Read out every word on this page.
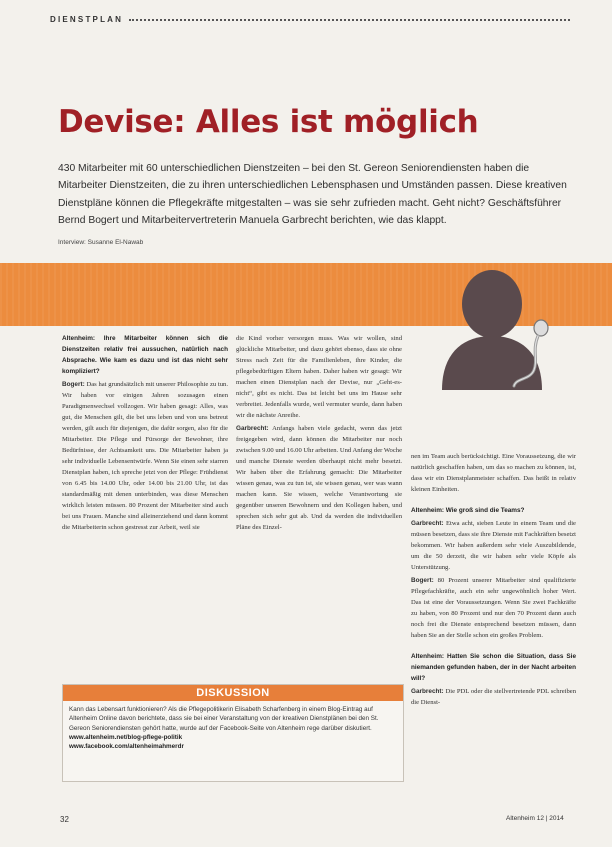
DIENSTPLAN
Devise: Alles ist möglich
430 Mitarbeiter mit 60 unterschiedlichen Dienstzeiten – bei den St. Gereon Seniorendiensten haben die Mitarbeiter Dienstzeiten, die zu ihren unterschiedlichen Lebensphasen und Umständen passen. Diese kreativen Dienstpläne können die Pflegekräfte mitgestalten – was sie sehr zufrieden macht. Geht nicht? Geschäftsführer Bernd Bogert und Mitarbeitervertreterin Manuela Garbrecht berichten, wie das klappt.
Interview: Susanne El-Nawab

Altenheim: Ihre Mitarbeiter können sich die Dienstzeiten relativ frei aussuchen, natürlich nach Absprache. Wie kam es dazu und ist das nicht sehr kompliziert?

Bogert: Das hat grundsätzlich mit unserer Philosophie zu tun. Wir haben vor einigen Jahren sozusagen einen Paradigmenwechsel vollzogen. Wir haben gesagt: Alles, was gut, die Menschen gilt, die bei uns leben und von uns betreut werden, gilt auch für diejenigen, die dafür sorgen, also für die Mitarbeiter. Die Pflege und Fürsorge der Bewohner, ihre Bedürfnisse, der Achtsamkeit uns. Die Mitarbeiter haben ja sehr individuelle Lebensentwürfe. Wenn Sie einen sehr starren Dienstplan haben, ich spreche jetzt von der Pflege: Frühdienst von 6.45 bis 14.00 Uhr, oder 14.00 bis 21.00 Uhr, ist das standardmäßig mit denen unterbinden, was diese Menschen wirklich leisten müssen. 80 Prozent der Mitarbeiter sind auch bei uns Frauen. Manche sind alleinerziehend und dann kommt die Mitarbeiterin schon gestresst zur Arbeit, weil sie

die Kind vorher versorgen muss. Was wir wollen, sind glückliche Mitarbeiter, und dazu gehört ebenso, dass sie ohne Stress nach Zeit für die Familienleben, ihre Kinder, die pflegebedürftigen Eltern haben. Daher haben wir gesagt: Wir machen einen Dienstplan nach der Devise, nur „Geht-es-nicht“, gibt es nicht. Das ist leicht bei uns im Hause sehr verbreitet. Jedenfalls wurde, weil vermuter wurde, dann haben wir die nächste Anreihe.

Garbrecht: Anfangs haben viele gedacht, wenn das jetzt freigegeben wird, dann können die Mitarbeiter nur noch zwischen 9.00 und 16.00 Uhr arbeiten. Und Anfang der Woche und manche Dienste werden überhaupt nicht mehr besetzt. Wir haben über die Erfahrung gemacht: Die Mitarbeiter wissen genau, was zu tun ist, sie wissen genau, wer was wann machen kann. Sie wissen, welche Verantwortung sie gegenüber unseren Bewohnern und den Kollegen haben, und sprechen sich sehr gut ab. Und da werden die individuellen Pläne des Einzel-

nen im Team auch berücksichtigt. Eine Voraussetzung, die wir natürlich geschaffen haben, um das so machen zu können, ist, dass wir ein Dienstplanmeister schaffen. Das heißt in relativ kleinen Einheiten.

Altenheim: Wie groß sind die Teams?

Garbrecht: Etwa acht, sieben Leute in einem Team und die müssen besetzen, dass sie ihre Dienste mit Fachkräften besetzt bekommen. Wir haben außerdem sehr viele Auszubildende, um die 50 derzeit, die wir haben sehr viele Köpfe als Unterstützung.

Bogert: 80 Prozent unserer Mitarbeiter sind qualifizierte Pflegefachkräfte, auch ein sehr ungewöhnlich hoher Wert. Das ist eine der Voraussetzungen. Wenn Sie zwei Fachkräfte zu haben, von 80 Prozent und nur den 70 Prozent dann auch noch frei die Dienste entsprechend besetzen müssen, dann haben Sie an der Stelle schon ein großes Problem.

Altenheim: Hatten Sie schon die Situation, dass Sie niemanden gefunden haben, der in der Nacht arbeiten will?

Garbrecht: Die PDL oder die stellvertretende PDL schreiben die Dienst-

DISKUSSION
Kann das Lebensart funktionieren? Als die Pflegepolitikerin Elisabeth Scharfenberg in einem Blog-Eintrag auf Altenheim Online davon berichtete, dass sie bei einer Veranstaltung von der kreativen Dienstplänen bei den St. Gereon Seniorendiensten gehört hatte, wurde auf der Facebook-Seite von Altenheim rege darüber diskutiert.
www.altenheim.net/blog-pflege-politik
www.facebook.com/altenheimahmerdr
32	Altenheim 12 | 2014
